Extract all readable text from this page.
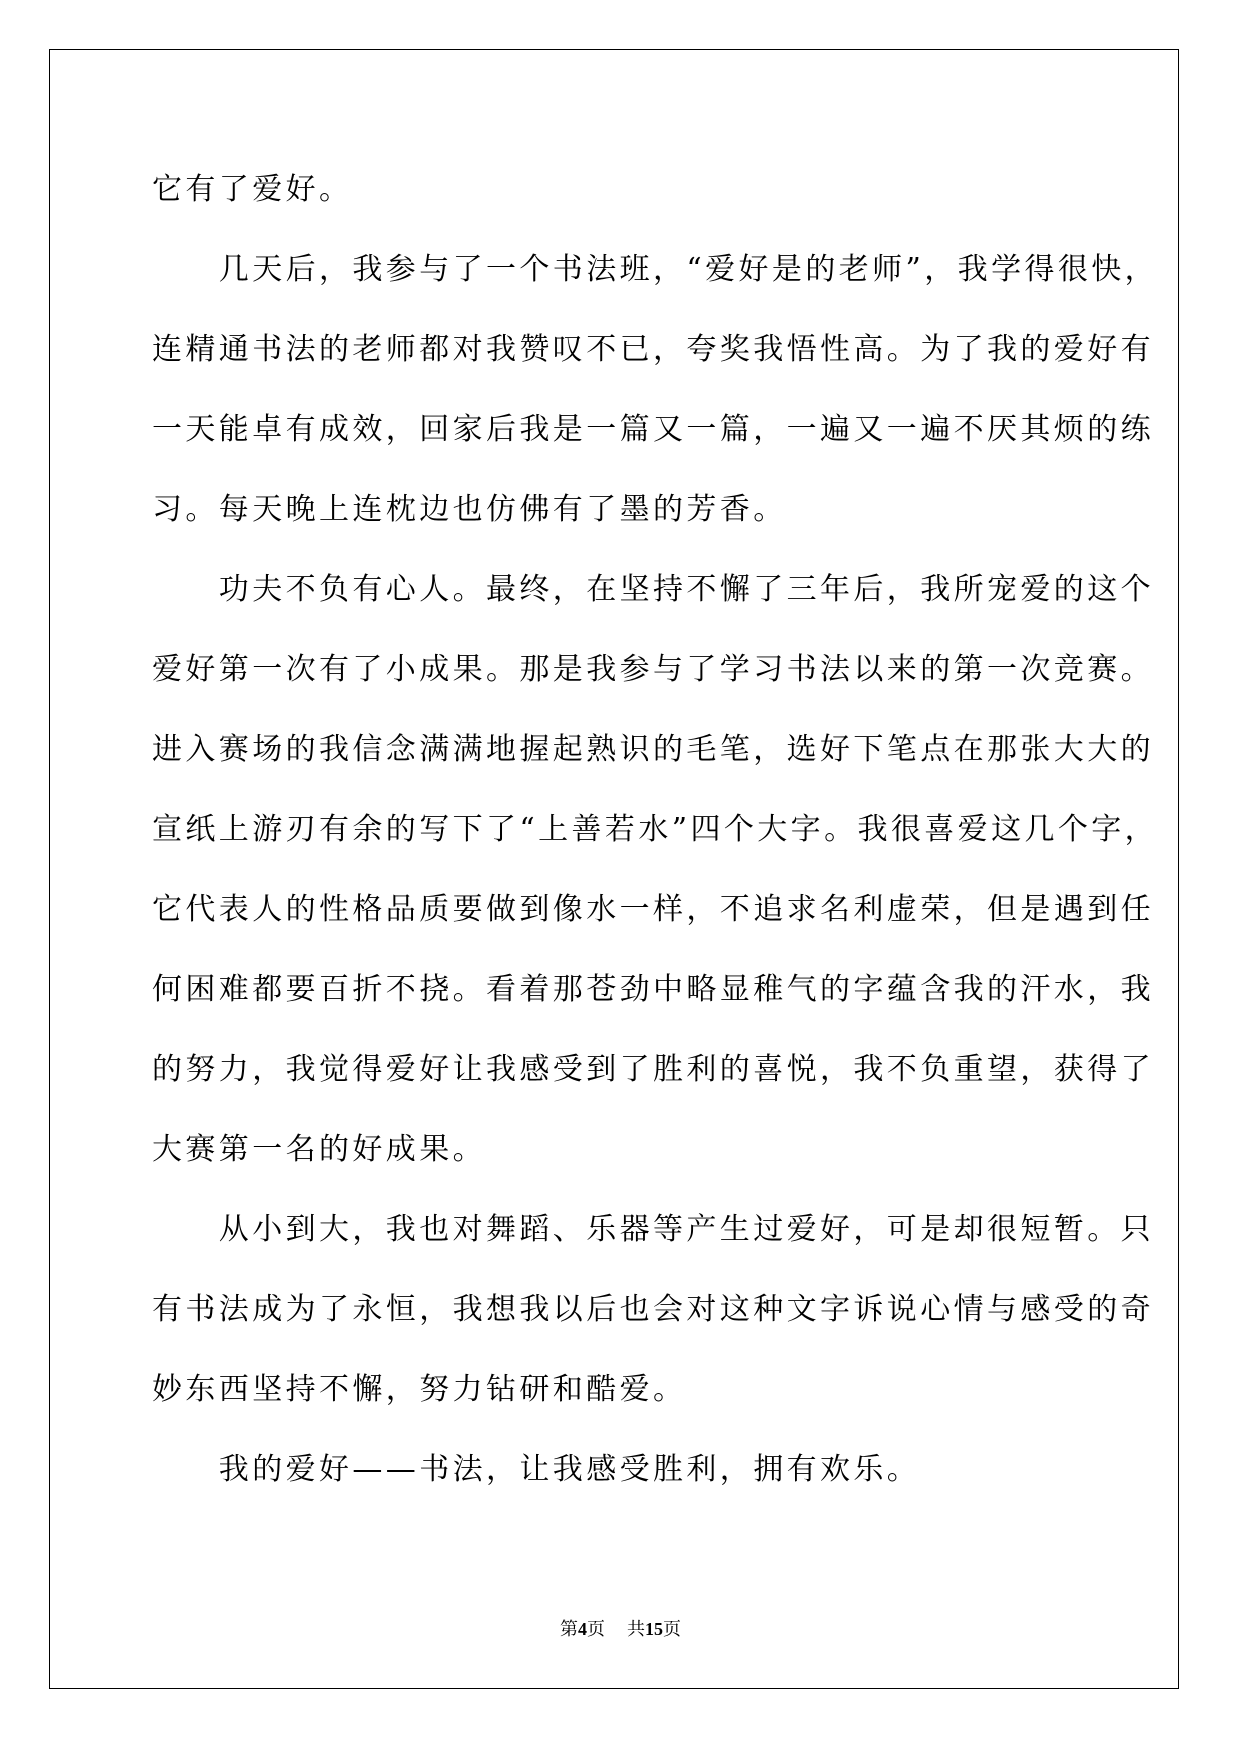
它有了爱好。

　　几天后，我参与了一个书法班，“爱好是的老师”，我学得很快，

连精通书法的老师都对我赞叹不已，夸奖我悟性高。为了我的爱好有

一天能卓有成效，回家后我是一篇又一篇，一遍又一遍不厌其烦的练

习。每天晚上连枕边也仿佛有了墨的芳香。

　　功夫不负有心人。最终，在坚持不懈了三年后，我所宠爱的这个

爱好第一次有了小成果。那是我参与了学习书法以来的第一次竞赛。

进入赛场的我信念满满地握起熟识的毛笔，选好下笔点在那张大大的

宣纸上游刃有余的写下了“上善若水”四个大字。我很喜爱这几个字，

它代表人的性格品质要做到像水一样，不追求名利虚荣，但是遇到任

何困难都要百折不挠。看着那苍劲中略显稚气的字蕴含我的汗水，我

的努力，我觉得爱好让我感受到了胜利的喜悦，我不负重望，获得了

大赛第一名的好成果。

　　从小到大，我也对舞蹈、乐器等产生过爱好，可是却很短暂。只

有书法成为了永恒，我想我以后也会对这种文字诉说心情与感受的奇

妙东西坚持不懈，努力钻研和酷爱。

　　我的爱好——书法，让我感受胜利，拥有欢乐。

第4页 共15页
